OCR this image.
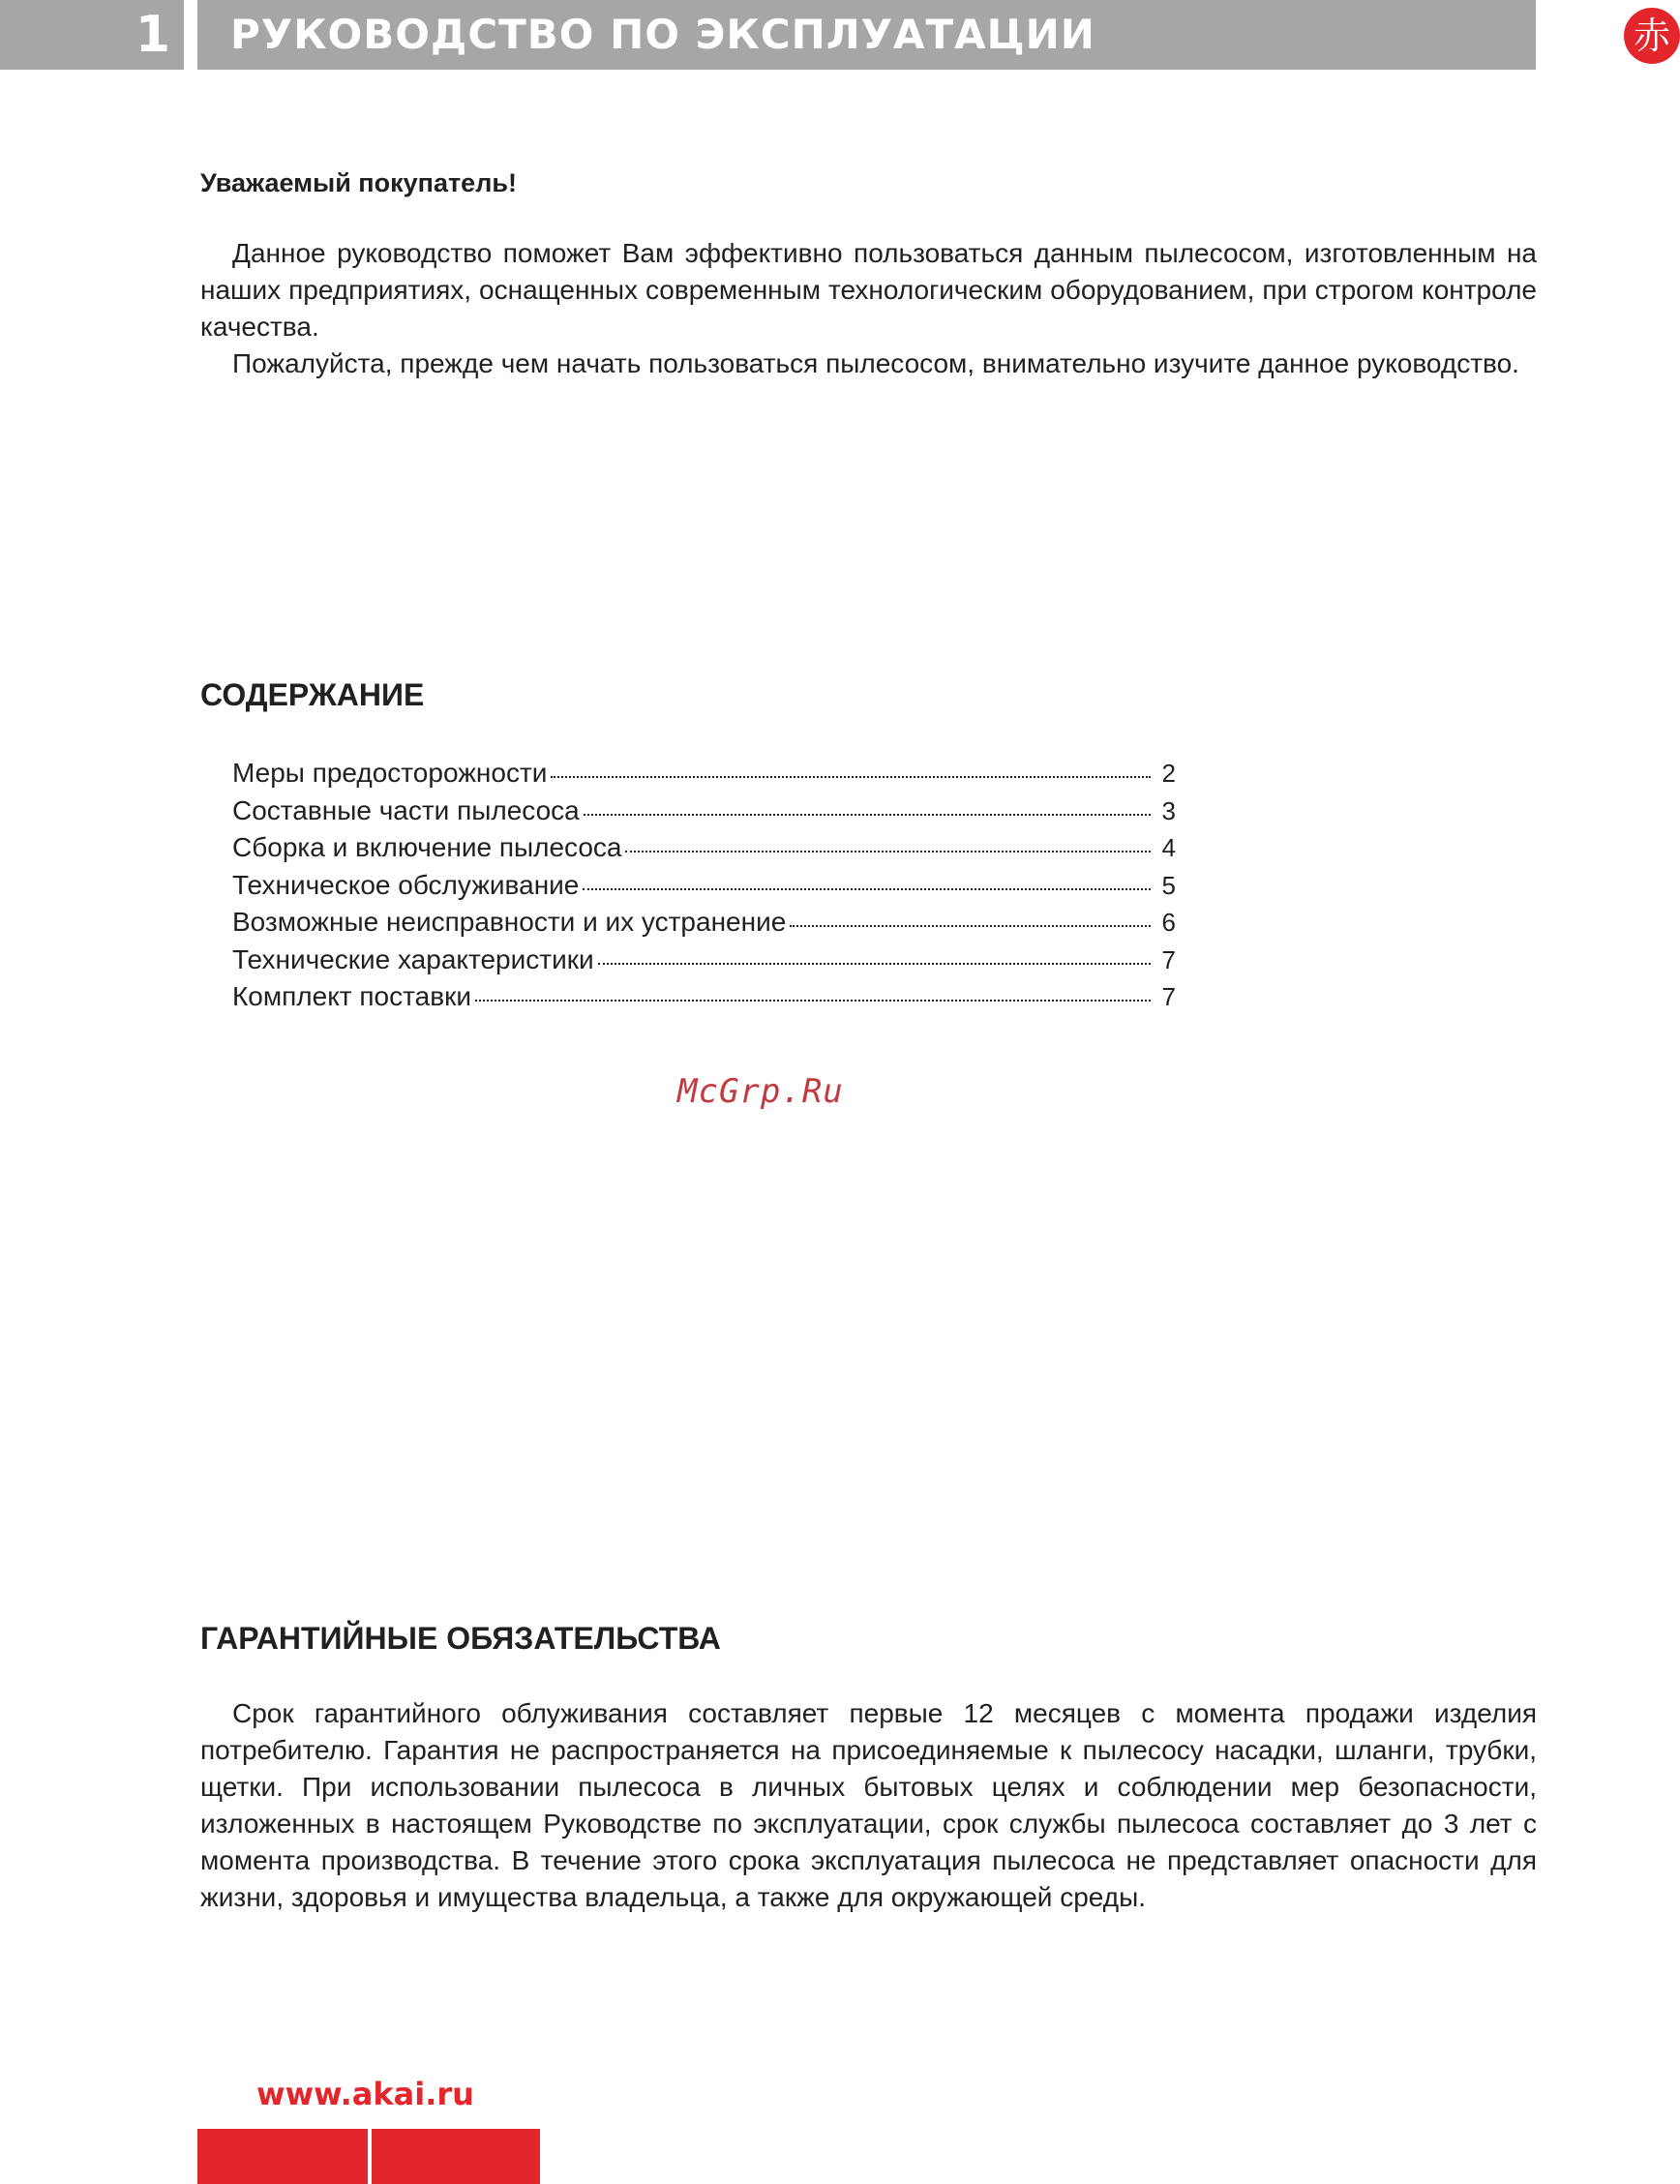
1	РУКОВОДСТВО ПО ЭКСПЛУАТАЦИИ	赤
Уважаемый покупатель!

Данное руководство поможет Вам эффективно пользоваться данным пылесосом, изготовленным на наших предприятиях, оснащенных современным технологическим оборудованием, при строгом контроле качества.

Пожалуйста, прежде чем начать пользоваться пылесосом, внимательно изучите данное руководство.

СОДЕРЖАНИЕ
Меры предосторожности	2
Составные части пылесоса	3
Сборка и включение пылесоса	4
Техническое обслуживание	5
Возможные неисправности и их устранение	6
Технические характеристики	7
Комплект поставки	7
McGrp.Ru
ГАРАНТИЙНЫЕ ОБЯЗАТЕЛЬСТВА

Срок гарантийного облуживания составляет первые 12 месяцев с момента продажи изделия потребителю. Гарантия не распространяется на присоединяемые к пылесосу насадки, шланги, трубки, щетки. При использовании пылесоса в личных бытовых целях и соблюдении мер безопасности, изложенных в настоящем Руководстве по эксплуатации, срок службы пылесоса составляет до 3 лет с момента производства. В течение этого срока эксплуатация пылесоса не представляет опасности для жизни, здоровья и имущества владельца, а также для окружающей среды.

www.akai.ru
